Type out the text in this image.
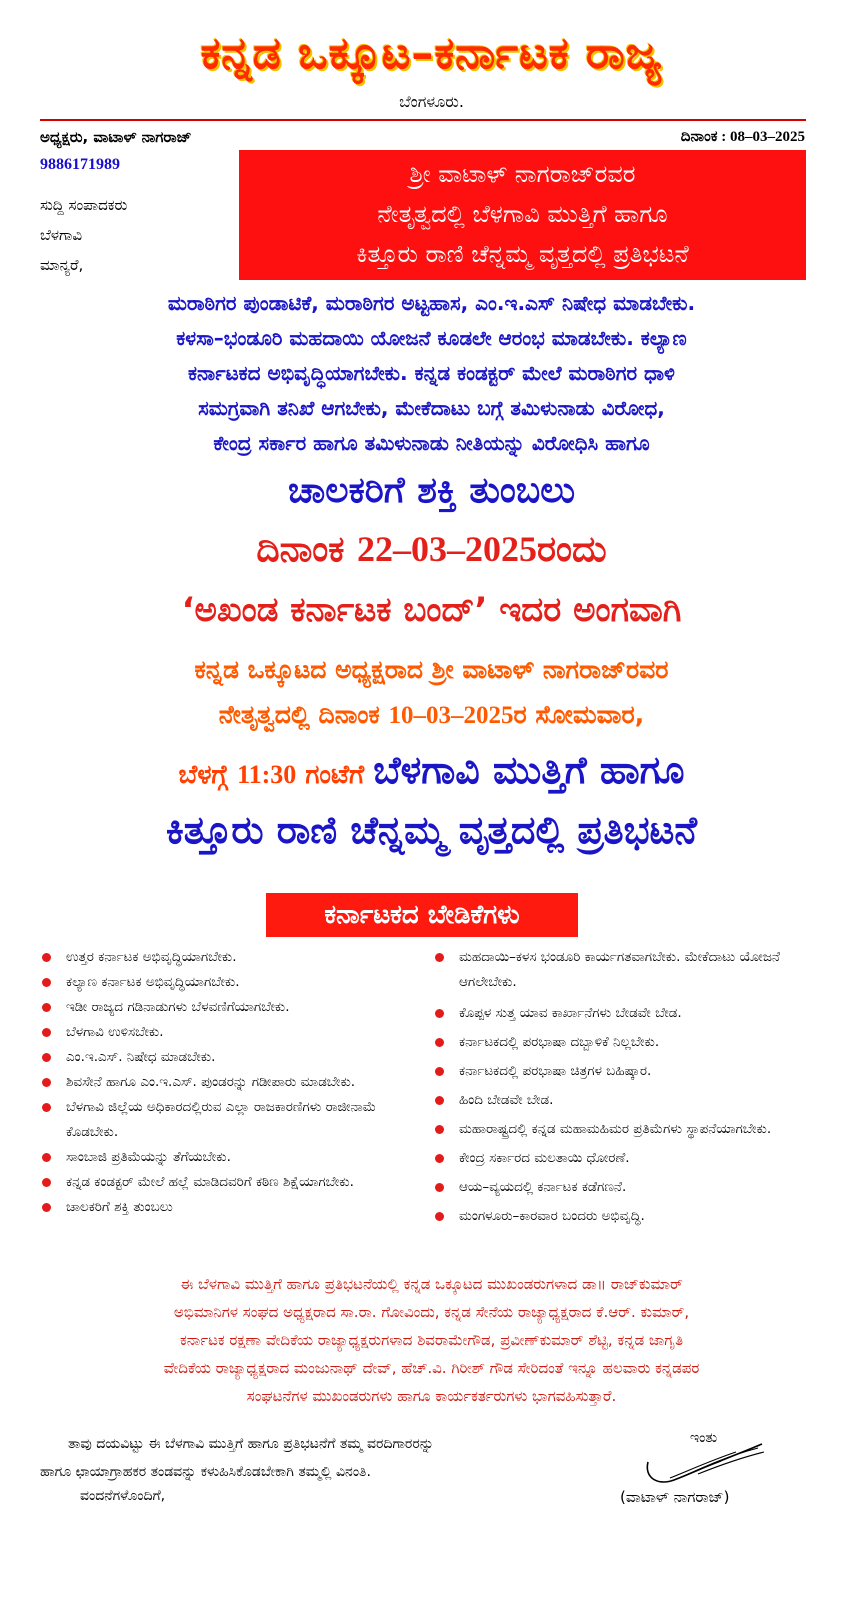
ಕನ್ನಡ ಒಕ್ಕೂಟ–ಕರ್ನಾಟಕ ರಾಜ್ಯ
ಬೆಂಗಳೂರು.
ಅಧ್ಯಕ್ಷರು, ವಾಟಾಳ್ ನಾಗರಾಜ್	ದಿನಾಂಕ : 08–03–2025
9886171989
ಸುದ್ದಿ ಸಂಪಾದಕರು
ಬೆಳಗಾವಿ
ಮಾನ್ಯರೆ,
ಶ್ರೀ ವಾಟಾಳ್ ನಾಗರಾಜ್‌ರವರ
ನೇತೃತ್ವದಲ್ಲಿ ಬೆಳಗಾವಿ ಮುತ್ತಿಗೆ ಹಾಗೂ
ಕಿತ್ತೂರು ರಾಣಿ ಚೆನ್ನಮ್ಮ ವೃತ್ತದಲ್ಲಿ ಪ್ರತಿಭಟನೆ
ಮರಾಠಿಗರ ಪುಂಡಾಟಿಕೆ, ಮರಾಠಿಗರ ಅಟ್ಟಹಾಸ, ಎಂ.ಇ.ಎಸ್ ನಿಷೇಧ ಮಾಡಬೇಕು.
ಕಳಸಾ–ಭಂಡೂರಿ ಮಹದಾಯಿ ಯೋಜನೆ ಕೂಡಲೇ ಆರಂಭ ಮಾಡಬೇಕು. ಕಲ್ಯಾಣ
ಕರ್ನಾಟಕದ ಅಭಿವೃದ್ಧಿಯಾಗಬೇಕು. ಕನ್ನಡ ಕಂಡಕ್ಟರ್ ಮೇಲೆ ಮರಾಠಿಗರ ಧಾಳಿ
ಸಮಗ್ರವಾಗಿ ತನಿಖೆ ಆಗಬೇಕು, ಮೇಕೆದಾಟು ಬಗ್ಗೆ ತಮಿಳುನಾಡು ವಿರೋಧ,
ಕೇಂದ್ರ ಸರ್ಕಾರ ಹಾಗೂ ತಮಿಳುನಾಡು ನೀತಿಯನ್ನು ವಿರೋಧಿಸಿ ಹಾಗೂ
ಚಾಲಕರಿಗೆ ಶಕ್ತಿ ತುಂಬಲು
ದಿನಾಂಕ 22–03–2025ರಂದು
‘ಅಖಂಡ ಕರ್ನಾಟಕ ಬಂದ್’ ಇದರ ಅಂಗವಾಗಿ
ಕನ್ನಡ ಒಕ್ಕೂಟದ ಅಧ್ಯಕ್ಷರಾದ ಶ್ರೀ ವಾಟಾಳ್ ನಾಗರಾಜ್‌ರವರ
ನೇತೃತ್ವದಲ್ಲಿ ದಿನಾಂಕ 10–03–2025ರ ಸೋಮವಾರ,
ಬೆಳಗ್ಗೆ 11:30 ಗಂಟೆಗೆ ಬೆಳಗಾವಿ ಮುತ್ತಿಗೆ ಹಾಗೂ
ಕಿತ್ತೂರು ರಾಣಿ ಚೆನ್ನಮ್ಮ ವೃತ್ತದಲ್ಲಿ ಪ್ರತಿಭಟನೆ
ಕರ್ನಾಟಕದ ಬೇಡಿಕೆಗಳು
ಉತ್ತರ ಕರ್ನಾಟಕ ಅಭಿವೃದ್ಧಿಯಾಗಬೇಕು.
ಕಲ್ಯಾಣ ಕರ್ನಾಟಕ ಅಭಿವೃದ್ಧಿಯಾಗಬೇಕು.
ಇಡೀ ರಾಜ್ಯದ ಗಡಿನಾಡುಗಳು ಬೆಳವಣಿಗೆಯಾಗಬೇಕು.
ಬೆಳಗಾವಿ ಉಳಿಸಬೇಕು.
ಎಂ.ಇ.ಎಸ್. ನಿಷೇಧ ಮಾಡಬೇಕು.
ಶಿವಸೇನೆ ಹಾಗೂ ಎಂ.ಇ.ಎಸ್. ಪುಂಡರನ್ನು ಗಡೀಪಾರು ಮಾಡಬೇಕು.
ಬೆಳಗಾವಿ ಜಿಲ್ಲೆಯ ಅಧಿಕಾರದಲ್ಲಿರುವ ಎಲ್ಲಾ ರಾಜಕಾರಣಿಗಳು ರಾಜೀನಾಮೆ ಕೊಡಬೇಕು.
ಸಾಂಬಾಜಿ ಪ್ರತಿಮೆಯನ್ನು ತೆಗೆಯಬೇಕು.
ಕನ್ನಡ ಕಂಡಕ್ಟರ್ ಮೇಲೆ ಹಲ್ಲೆ ಮಾಡಿದವರಿಗೆ ಕಠಿಣ ಶಿಕ್ಷೆಯಾಗಬೇಕು.
ಚಾಲಕರಿಗೆ ಶಕ್ತಿ ತುಂಬಲು
ಮಹದಾಯಿ–ಕಳಸ ಭಂಡೂರಿ ಕಾರ್ಯಗತವಾಗಬೇಕು. ಮೇಕೆದಾಟು ಯೋಜನೆ ಆಗಲೇಬೇಕು.
ಕೊಪ್ಪಳ ಸುತ್ತ ಯಾವ ಕಾರ್ಖಾನೆಗಳು ಬೇಡವೇ ಬೇಡ.
ಕರ್ನಾಟಕದಲ್ಲಿ ಪರಭಾಷಾ ದಬ್ಬಾಳಿಕೆ ನಿಲ್ಲಬೇಕು.
ಕರ್ನಾಟಕದಲ್ಲಿ ಪರಭಾಷಾ ಚಿತ್ರಗಳ ಬಹಿಷ್ಕಾರ.
ಹಿಂದಿ ಬೇಡವೇ ಬೇಡ.
ಮಹಾರಾಷ್ಟ್ರದಲ್ಲಿ ಕನ್ನಡ ಮಹಾಮಹಿಮರ ಪ್ರತಿಮೆಗಳು ಸ್ಥಾಪನೆಯಾಗಬೇಕು.
ಕೇಂದ್ರ ಸರ್ಕಾರದ ಮಲತಾಯಿ ಧೋರಣೆ.
ಆಯ–ವ್ಯಯದಲ್ಲಿ ಕರ್ನಾಟಕ ಕಡೆಗಣನೆ.
ಮಂಗಳೂರು–ಕಾರವಾರ ಬಂದರು ಅಭಿವೃದ್ಧಿ.
ಈ ಬೆಳಗಾವಿ ಮುತ್ತಿಗೆ ಹಾಗೂ ಪ್ರತಿಭಟನೆಯಲ್ಲಿ ಕನ್ನಡ ಒಕ್ಕೂಟದ ಮುಖಂಡರುಗಳಾದ ಡಾ॥ ರಾಜ್‌ಕುಮಾರ್
ಅಭಿಮಾನಿಗಳ ಸಂಘದ ಅಧ್ಯಕ್ಷರಾದ ಸಾ.ರಾ. ಗೋವಿಂದು, ಕನ್ನಡ ಸೇನೆಯ ರಾಜ್ಯಾಧ್ಯಕ್ಷರಾದ ಕೆ.ಆರ್. ಕುಮಾರ್,
ಕರ್ನಾಟಕ ರಕ್ಷಣಾ ವೇದಿಕೆಯ ರಾಜ್ಯಾಧ್ಯಕ್ಷರುಗಳಾದ ಶಿವರಾಮೇಗೌಡ, ಪ್ರವೀಣ್‌ಕುಮಾರ್ ಶೆಟ್ಟಿ, ಕನ್ನಡ ಜಾಗೃತಿ
ವೇದಿಕೆಯ ರಾಜ್ಯಾಧ್ಯಕ್ಷರಾದ ಮಂಜುನಾಥ್ ದೇವ್, ಹೆಚ್.ವಿ. ಗಿರೀಶ್ ಗೌಡ ಸೇರಿದಂತೆ ಇನ್ನೂ ಹಲವಾರು ಕನ್ನಡಪರ
ಸಂಘಟನೆಗಳ ಮುಖಂಡರುಗಳು ಹಾಗೂ ಕಾರ್ಯಕರ್ತರುಗಳು ಭಾಗವಹಿಸುತ್ತಾರೆ.
ತಾವು ದಯವಿಟ್ಟು ಈ ಬೆಳಗಾವಿ ಮುತ್ತಿಗೆ ಹಾಗೂ ಪ್ರತಿಭಟನೆಗೆ ತಮ್ಮ ವರದಿಗಾರರನ್ನು
ಹಾಗೂ ಛಾಯಾಗ್ರಾಹಕರ ತಂಡವನ್ನು ಕಳುಹಿಸಿಕೊಡಬೇಕಾಗಿ ತಮ್ಮಲ್ಲಿ ವಿನಂತಿ.
ವಂದನೆಗಳೊಂದಿಗೆ,
ಇಂತು
(ವಾಟಾಳ್ ನಾಗರಾಜ್)
